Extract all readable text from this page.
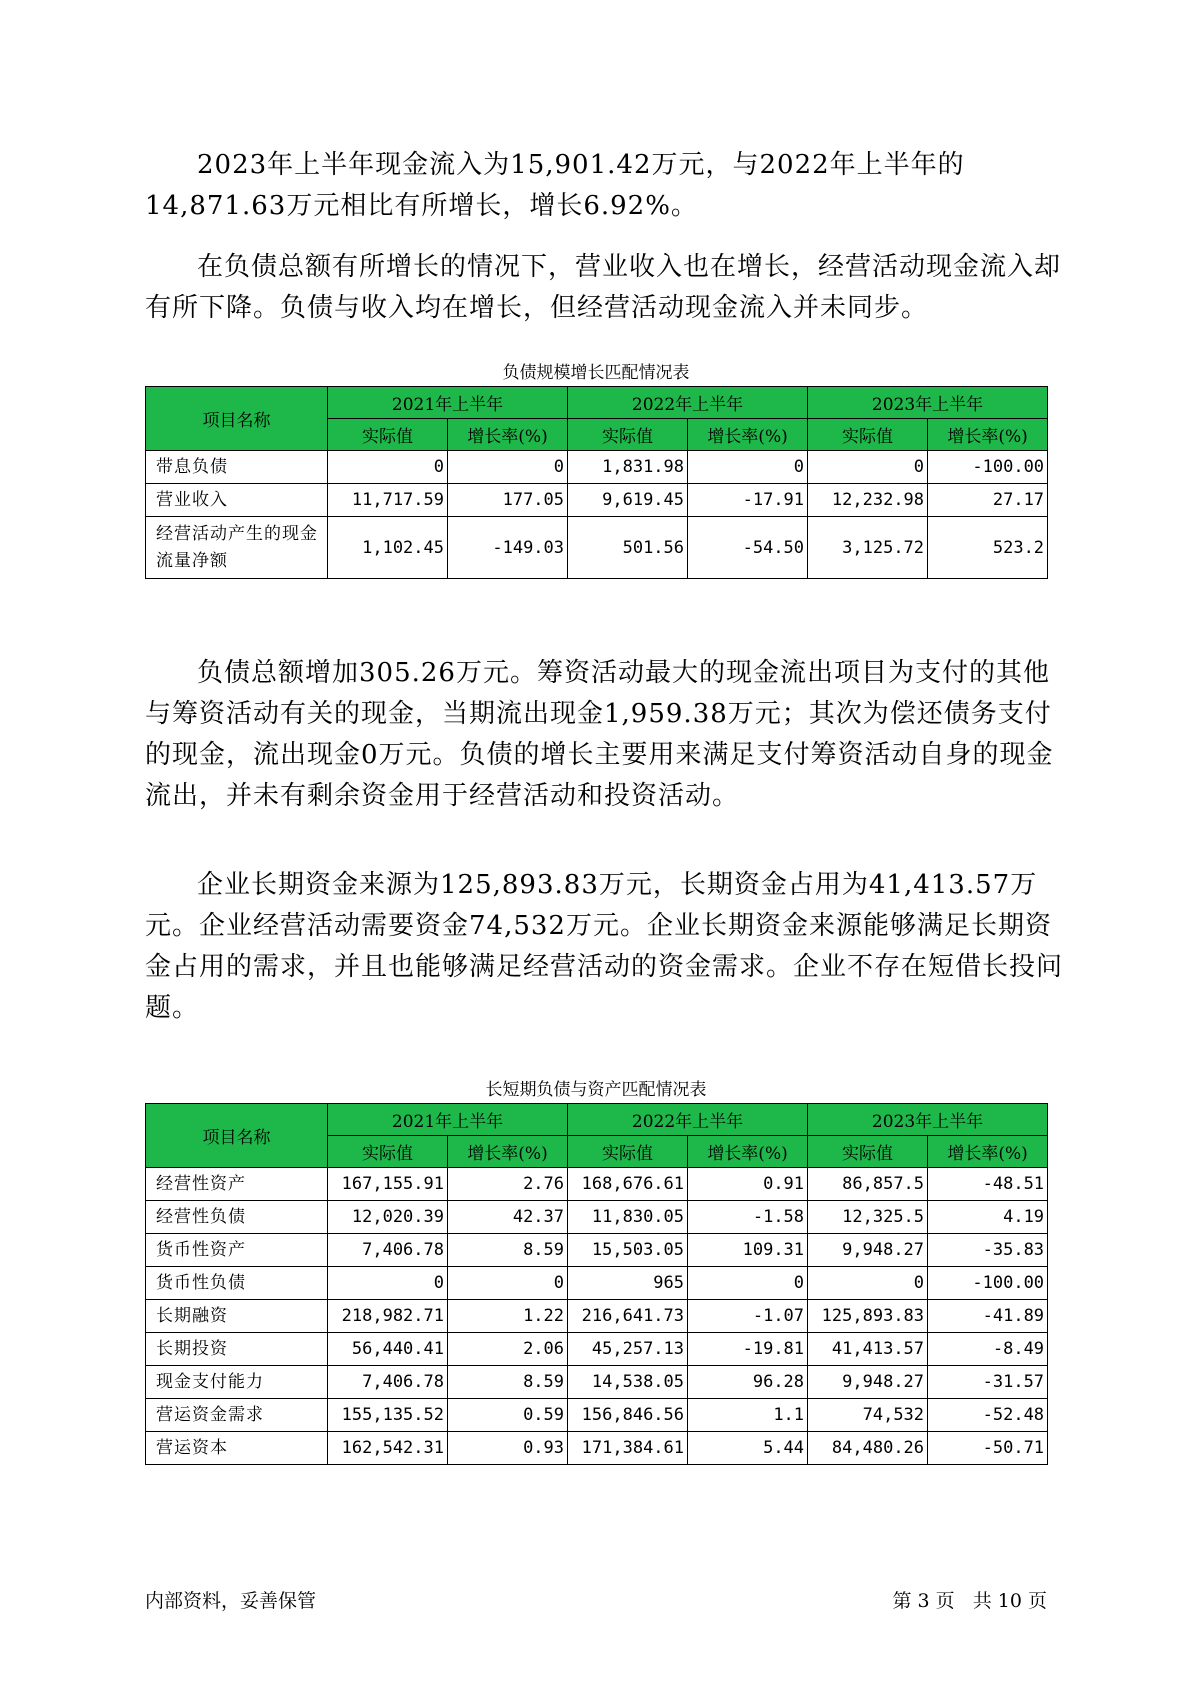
2023年上半年现金流入为15,901.42万元，与2022年上半年的14,871.63万元相比有所增长，增长6.92%。

在负债总额有所增长的情况下，营业收入也在增长，经营活动现金流入却有所下降。负债与收入均在增长，但经营活动现金流入并未同步。

负债规模增长匹配情况表

项目名称	2021年上半年		2022年上半年		2023年上半年	
	实际值	增长率(%)	实际值	增长率(%)	实际值	增长率(%)
带息负债	0	0	1,831.98	0	0	-100.00
营业收入	11,717.59	177.05	9,619.45	-17.91	12,232.98	27.17
经营活动产生的现金流量净额	1,102.45	-149.03	501.56	-54.50	3,125.72	523.2

负债总额增加305.26万元。筹资活动最大的现金流出项目为支付的其他与筹资活动有关的现金，当期流出现金1,959.38万元；其次为偿还债务支付的现金，流出现金0万元。负债的增长主要用来满足支付筹资活动自身的现金流出，并未有剩余资金用于经营活动和投资活动。

企业长期资金来源为125,893.83万元，长期资金占用为41,413.57万元。企业经营活动需要资金74,532万元。企业长期资金来源能够满足长期资金占用的需求，并且也能够满足经营活动的资金需求。企业不存在短借长投问题。

长短期负债与资产匹配情况表

项目名称	2021年上半年		2022年上半年		2023年上半年	
	实际值	增长率(%)	实际值	增长率(%)	实际值	增长率(%)
经营性资产	167,155.91	2.76	168,676.61	0.91	86,857.5	-48.51
经营性负债	12,020.39	42.37	11,830.05	-1.58	12,325.5	4.19
货币性资产	7,406.78	8.59	15,503.05	109.31	9,948.27	-35.83
货币性负债	0	0	965	0	0	-100.00
长期融资	218,982.71	1.22	216,641.73	-1.07	125,893.83	-41.89
长期投资	56,440.41	2.06	45,257.13	-19.81	41,413.57	-8.49
现金支付能力	7,406.78	8.59	14,538.05	96.28	9,948.27	-31.57
营运资金需求	155,135.52	0.59	156,846.56	1.1	74,532	-52.48
营运资本	162,542.31	0.93	171,384.61	5.44	84,480.26	-50.71

内部资料，妥善保管	第 3 页   共 10 页
